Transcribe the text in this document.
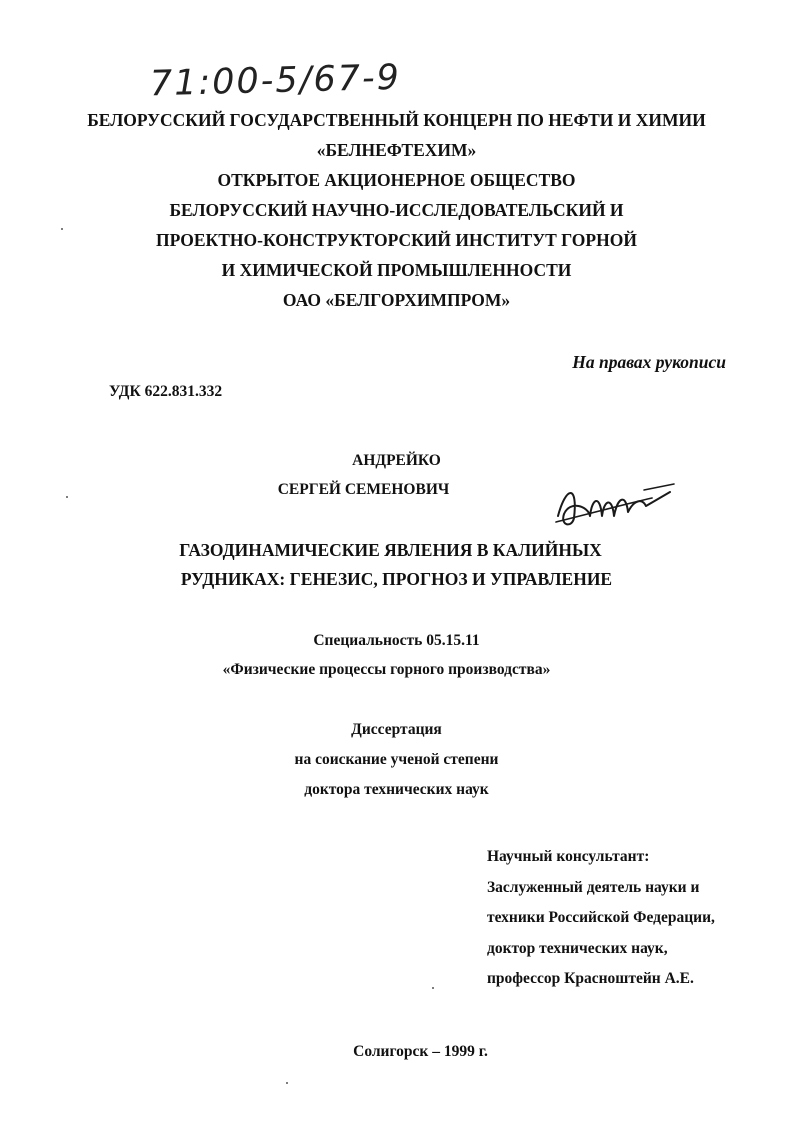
71:00-5/67-9
БЕЛОРУССКИЙ ГОСУДАРСТВЕННЫЙ КОНЦЕРН ПО НЕФТИ И ХИМИИ
«БЕЛНЕФТЕХИМ»
ОТКРЫТОЕ АКЦИОНЕРНОЕ ОБЩЕСТВО
БЕЛОРУССКИЙ НАУЧНО-ИССЛЕДОВАТЕЛЬСКИЙ И
ПРОЕКТНО-КОНСТРУКТОРСКИЙ ИНСТИТУТ ГОРНОЙ
И ХИМИЧЕСКОЙ ПРОМЫШЛЕННОСТИ
ОАО «БЕЛГОРХИМПРОМ»
На правах рукописи
УДК 622.831.332
АНДРЕЙКО
СЕРГЕЙ СЕМЕНОВИЧ
ГАЗОДИНАМИЧЕСКИЕ ЯВЛЕНИЯ В КАЛИЙНЫХ
РУДНИКАХ: ГЕНЕЗИС, ПРОГНОЗ И УПРАВЛЕНИЕ
Специальность 05.15.11
«Физические процессы горного производства»
Диссертация
на соискание ученой степени
доктора технических наук
Научный консультант:
Заслуженный деятель науки и
техники Российской Федерации,
доктор технических наук,
профессор Красноштейн А.Е.
Солигорск – 1999 г.
